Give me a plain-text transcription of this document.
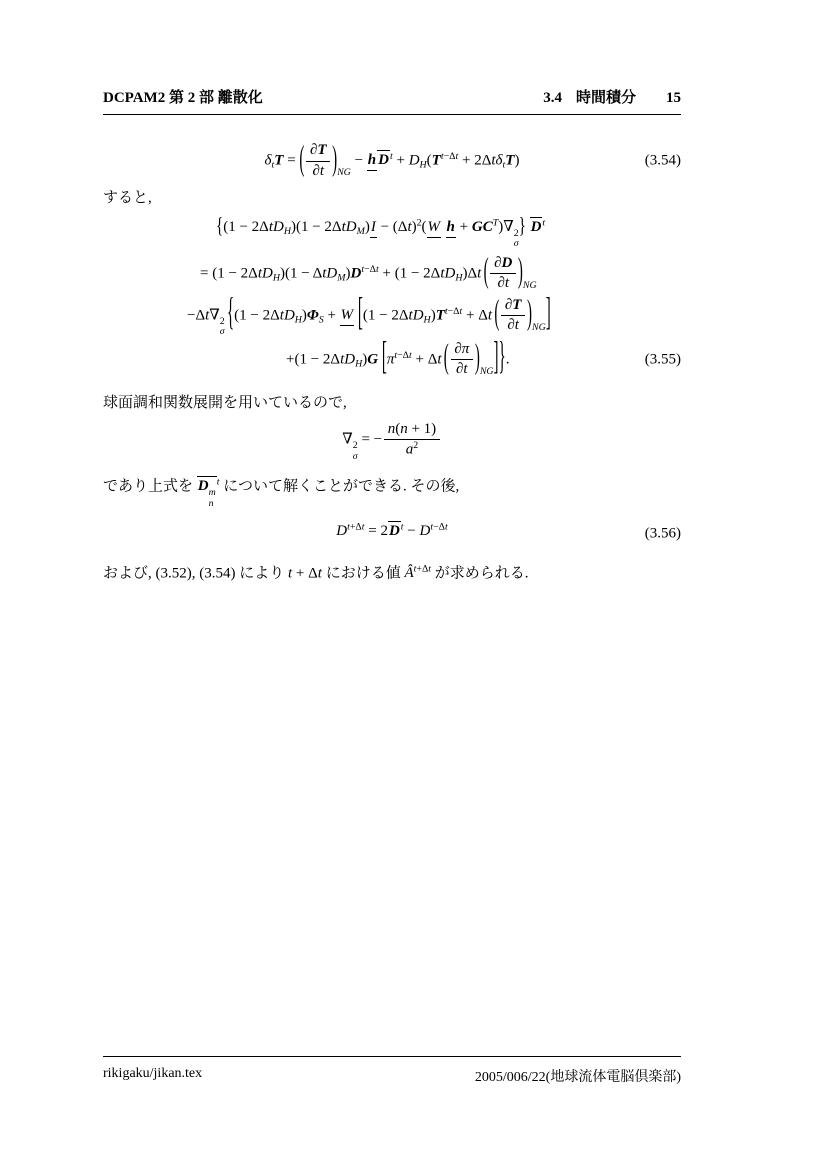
DCPAM2 第 2 部 離散化	3.4 時間積分 15
δtT = ( $\frac{\partial T}{\partial t} )_{NG} - h$ $D^t + DH(T^{t-\Delta t} + 2\Delta t\delta tT)$	(3.54)

すると,

{$(1 - 2\Delta tDH)(1 - 2\Delta tDM)I - (\Delta t)^2(W$ $h + GC^T)\nabla$ 2
σ
} $D^t$
= $(1 - 2\Delta tDH)(1 - \Delta tDM)D^{t-\Delta t} + (1 - 2\Delta tDH)\Delta t$ ( $\frac{\partial D}{\partial t} )_{NG}$
−Δt∇ 2
σ {(1 − 2ΔtDH)ΦS + W [$(1 - 2\Delta tDH)T^{t-\Delta t} + \Delta t$ ( $\frac{\partial T}{\partial t} )_{NG}$]
+(1 − 2ΔtDH)G [$\pi^{t-\Delta t} + \Delta t$ ( $\frac{\partial\pi}{\partial t} )_{NG}$]}.	(3.55)

球面調和関数展開を用いているので,

∇ 2
σ
= − $\frac{n(n + 1)}{a^2}$

であり上式を D m
n
$^t$ について解くことができる. その後,

$D^{t+\Delta t} = 2D^t - D^{t-\Delta t}$	(3.56)

および, (3.52), (3.54) により t + Δt における値 $Â^{t+\Delta t}$ が求められる.

rikigaku/jikan.tex	2005/006/22(地球流体電脳倶楽部)
